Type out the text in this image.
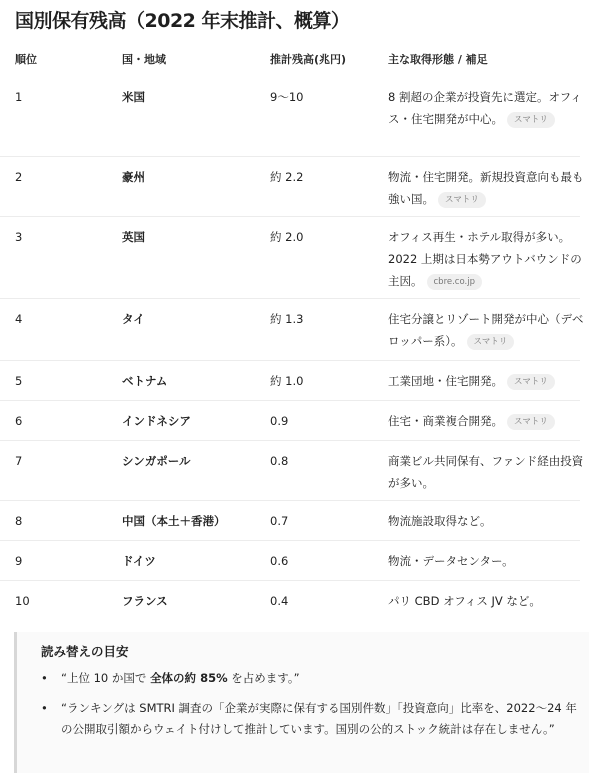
国別保有残高（2022 年末推計、概算）
順位	国・地域	推計残高(兆円)	主な取得形態 / 補足
1	米国	9〜10	8 割超の企業が投資先に選定。オフィス・住宅開発が中心。 スマトリ
2	豪州	約 2.2	物流・住宅開発。新規投資意向も最も強い国。 スマトリ
3	英国	約 2.0	オフィス再生・ホテル取得が多い。2022 上期は日本勢アウトバウンドの主因。 cbre.co.jp
4	タイ	約 1.3	住宅分譲とリゾート開発が中心（デベロッパー系）。 スマトリ
5	ベトナム	約 1.0	工業団地・住宅開発。 スマトリ
6	インドネシア	0.9	住宅・商業複合開発。 スマトリ
7	シンガポール	0.8	商業ビル共同保有、ファンド経由投資が多い。
8	中国（本土＋香港）	0.7	物流施設取得など。
9	ドイツ	0.6	物流・データセンター。
10	フランス	0.4	パリ CBD オフィス JV など。
読み替えの目安
• “上位 10 か国で 全体の約 85% を占めます。”
• “ランキングは SMTRI 調査の「企業が実際に保有する国別件数」「投資意向」比率を、2022〜24 年の公開取引額からウェイト付けして推計しています。国別の公的ストック統計は存在しません。”
